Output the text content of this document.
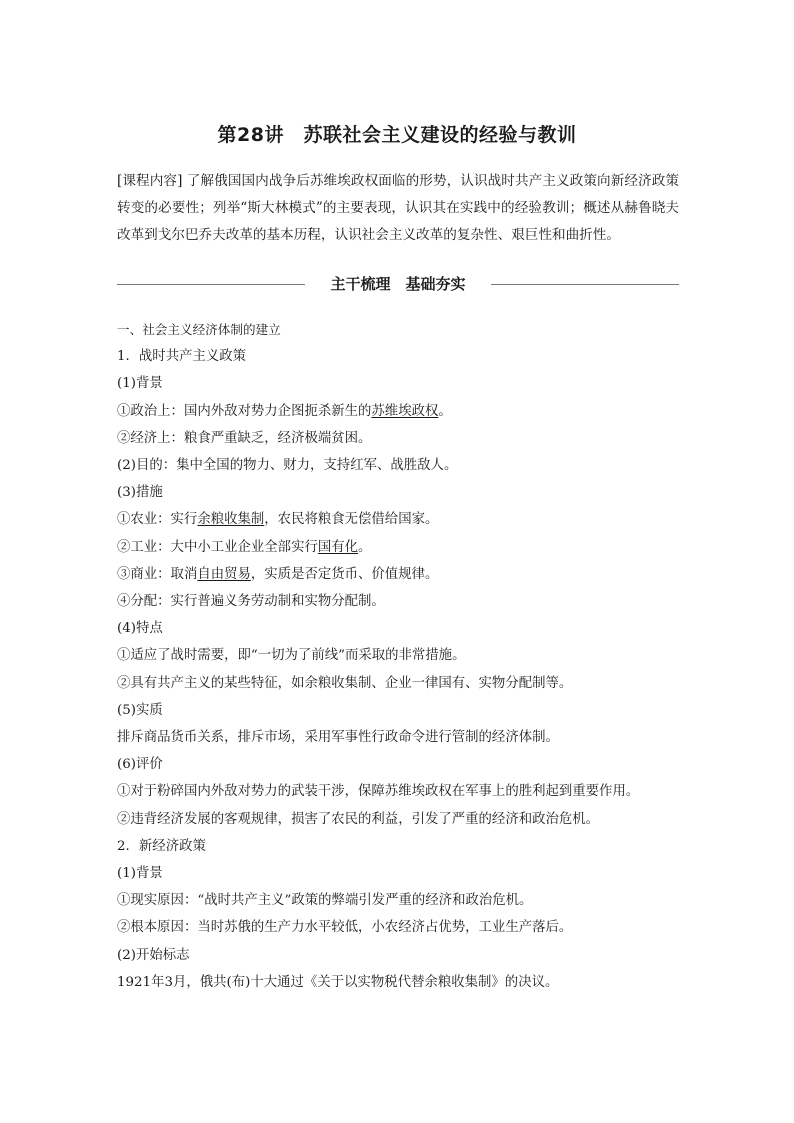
第28讲　苏联社会主义建设的经验与教训
[课程内容] 了解俄国国内战争后苏维埃政权面临的形势，认识战时共产主义政策向新经济政策转变的必要性；列举“斯大林模式”的主要表现，认识其在实践中的经验教训；概述从赫鲁晓夫改革到戈尔巴乔夫改革的基本历程，认识社会主义改革的复杂性、艰巨性和曲折性。
主干梳理　基础夯实
一、社会主义经济体制的建立
1．战时共产主义政策
(1)背景
①政治上：国内外敌对势力企图扼杀新生的苏维埃政权。
②经济上：粮食严重缺乏，经济极端贫困。
(2)目的：集中全国的物力、财力，支持红军、战胜敌人。
(3)措施
①农业：实行余粮收集制，农民将粮食无偿借给国家。
②工业：大中小工业企业全部实行国有化。
③商业：取消自由贸易，实质是否定货币、价值规律。
④分配：实行普遍义务劳动制和实物分配制。
(4)特点
①适应了战时需要，即“一切为了前线”而采取的非常措施。
②具有共产主义的某些特征，如余粮收集制、企业一律国有、实物分配制等。
(5)实质
排斥商品货币关系，排斥市场，采用军事性行政命令进行管制的经济体制。
(6)评价
①对于粉碎国内外敌对势力的武装干涉，保障苏维埃政权在军事上的胜利起到重要作用。
②违背经济发展的客观规律，损害了农民的利益，引发了严重的经济和政治危机。
2．新经济政策
(1)背景
①现实原因：“战时共产主义”政策的弊端引发严重的经济和政治危机。
②根本原因：当时苏俄的生产力水平较低，小农经济占优势，工业生产落后。
(2)开始标志
1921年3月，俄共(布)十大通过《关于以实物税代替余粮收集制》的决议。
